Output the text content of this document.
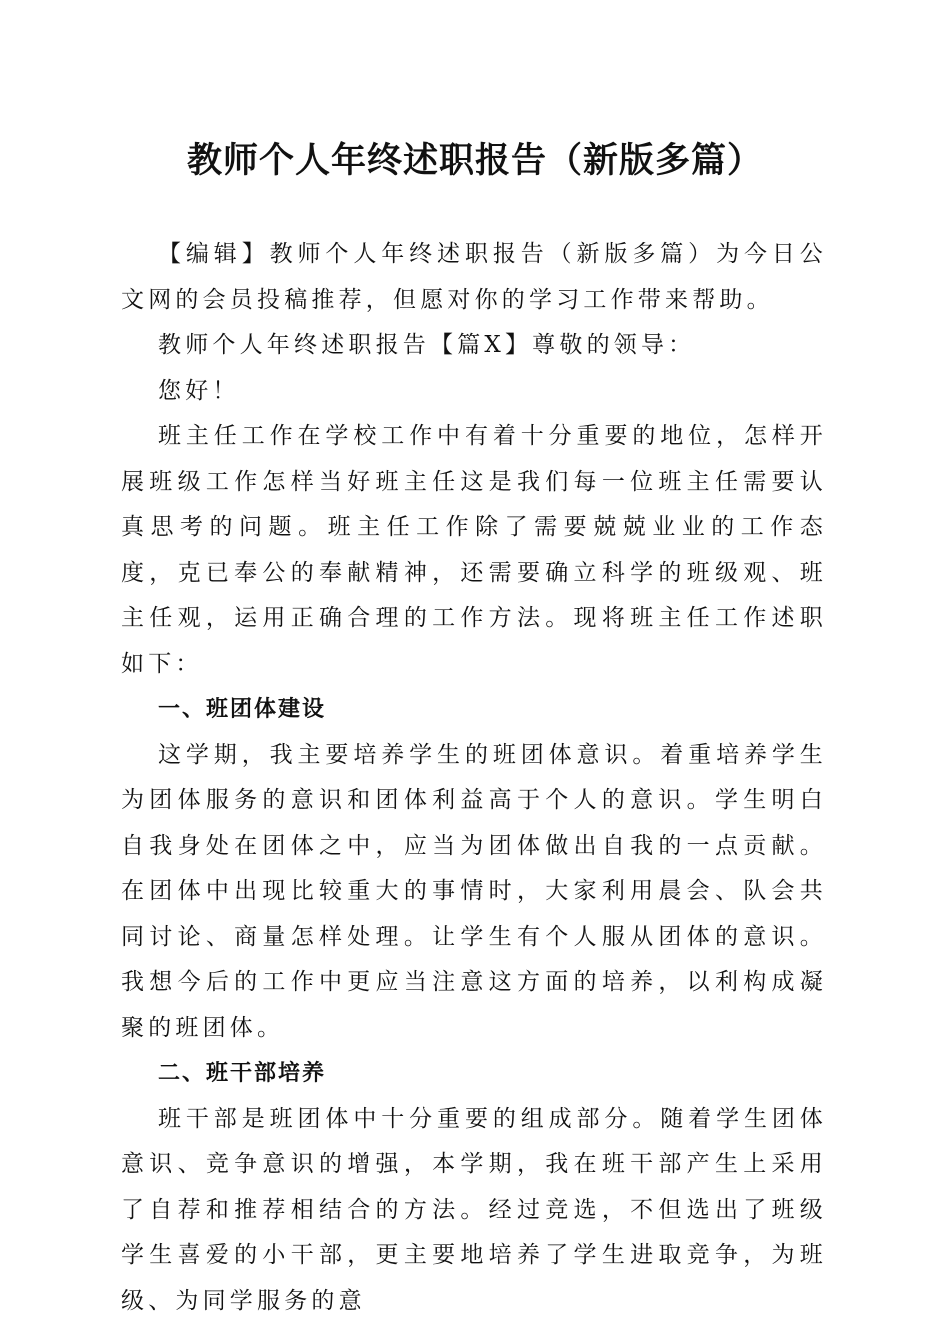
教师个人年终述职报告（新版多篇）

【编辑】教师个人年终述职报告（新版多篇）为今日公文网的会员投稿推荐，但愿对你的学习工作带来帮助。

教师个人年终述职报告【篇X】尊敬的领导：

您好！

班主任工作在学校工作中有着十分重要的地位，怎样开展班级工作怎样当好班主任这是我们每一位班主任需要认真思考的问题。班主任工作除了需要兢兢业业的工作态度，克已奉公的奉献精神，还需要确立科学的班级观、班主任观，运用正确合理的工作方法。现将班主任工作述职如下：

一、班团体建设

这学期，我主要培养学生的班团体意识。着重培养学生为团体服务的意识和团体利益高于个人的意识。学生明白自我身处在团体之中，应当为团体做出自我的一点贡献。在团体中出现比较重大的事情时，大家利用晨会、队会共同讨论、商量怎样处理。让学生有个人服从团体的意识。我想今后的工作中更应当注意这方面的培养，以利构成凝聚的班团体。

二、班干部培养

班干部是班团体中十分重要的组成部分。随着学生团体意识、竞争意识的增强，本学期，我在班干部产生上采用了自荐和推荐相结合的方法。经过竞选，不但选出了班级学生喜爱的小干部，更主要地培养了学生进取竞争，为班级、为同学服务的意
